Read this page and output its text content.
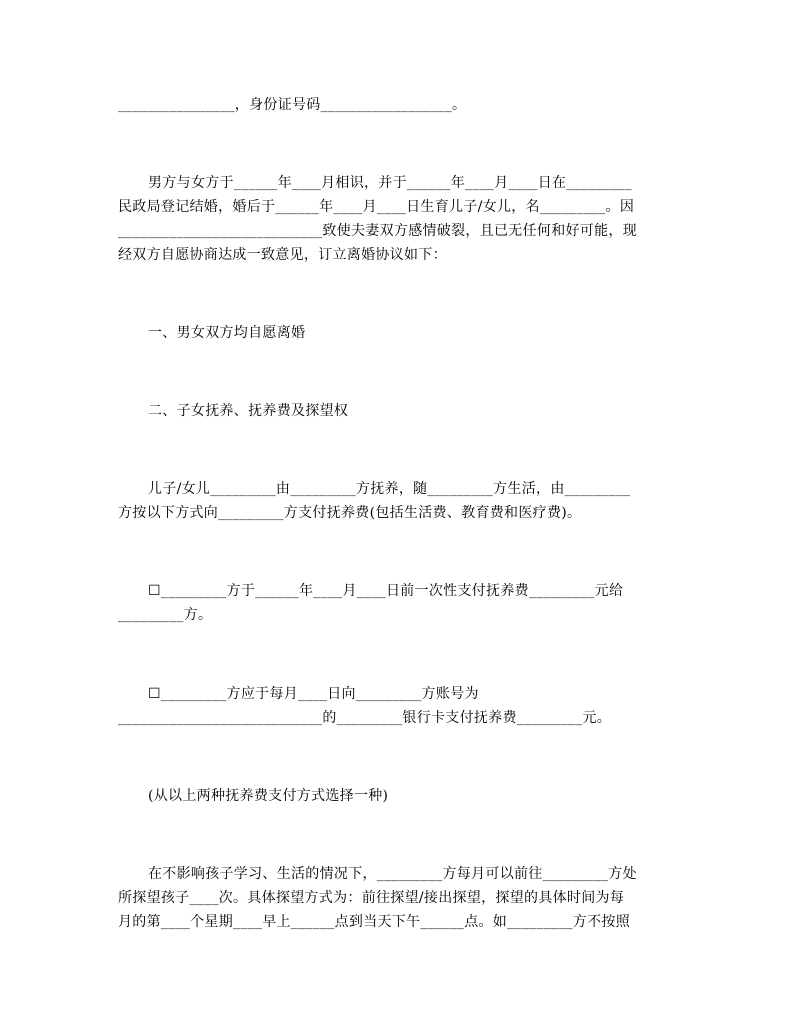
________________，身份证号码__________________。
男方与女方于______年____月相识，并于______年____月____日在_________
民政局登记结婚，婚后于______年____月____日生育儿子/女儿，名_________。因
____________________________致使夫妻双方感情破裂，且已无任何和好可能，现
经双方自愿协商达成一致意见，订立离婚协议如下：
一、男女双方均自愿离婚
二、子女抚养、抚养费及探望权
儿子/女儿_________由_________方抚养，随_________方生活，由_________
方按以下方式向_________方支付抚养费(包括生活费、教育费和医疗费)。
☐_________方于______年____月____日前一次性支付抚养费_________元给
_________方。
☐_________方应于每月____日向_________方账号为
____________________________的_________银行卡支付抚养费_________元。
(从以上两种抚养费支付方式选择一种)
在不影响孩子学习、生活的情况下，_________方每月可以前往_________方处
所探望孩子____次。具体探望方式为：前往探望/接出探望，探望的具体时间为每
月的第____个星期____早上______点到当天下午______点。如_________方不按照
